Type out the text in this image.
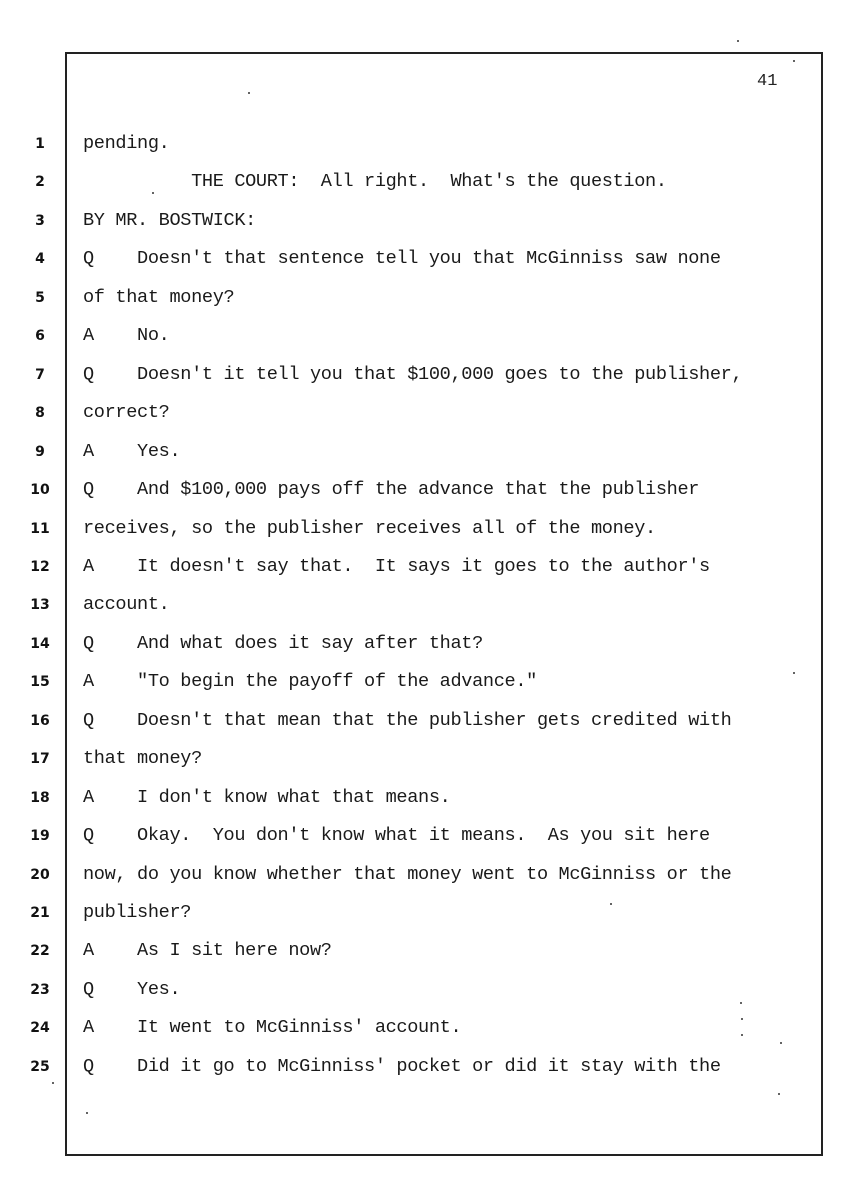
41
1	pending.
2	THE COURT:  All right.  What's the question.
3	BY MR. BOSTWICK:
4	Q    Doesn't that sentence tell you that McGinniss saw none
5	of that money?
6	A    No.
7	Q    Doesn't it tell you that $100,000 goes to the publisher,
8	correct?
9	A    Yes.
10	Q    And $100,000 pays off the advance that the publisher
11	receives, so the publisher receives all of the money.
12	A    It doesn't say that.  It says it goes to the author's
13	account.
14	Q    And what does it say after that?
15	A    "To begin the payoff of the advance."
16	Q    Doesn't that mean that the publisher gets credited with
17	that money?
18	A    I don't know what that means.
19	Q    Okay.  You don't know what it means.  As you sit here
20	now, do you know whether that money went to McGinniss or the
21	publisher?
22	A    As I sit here now?
23	Q    Yes.
24	A    It went to McGinniss' account.
25	Q    Did it go to McGinniss' pocket or did it stay with the
